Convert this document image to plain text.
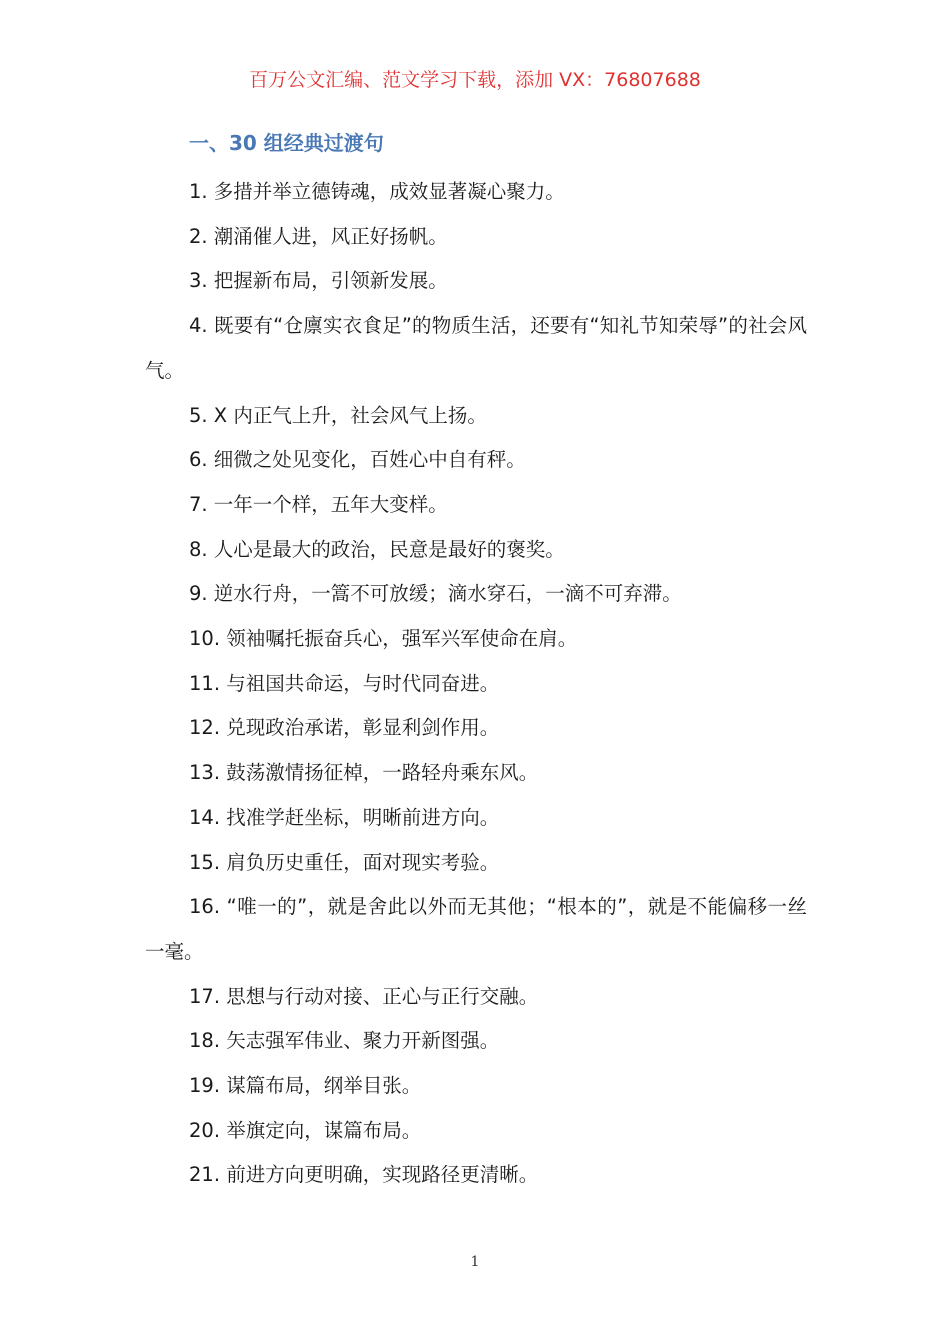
百万公文汇编、范文学习下载，添加 VX：76807688
一、30 组经典过渡句

1. 多措并举立德铸魂，成效显著凝心聚力。

2. 潮涌催人进，风正好扬帆。

3. 把握新布局，引领新发展。

4. 既要有“仓廪实衣食足”的物质生活，还要有“知礼节知荣辱”的社会风气。

5. X 内正气上升，社会风气上扬。

6. 细微之处见变化，百姓心中自有秤。

7. 一年一个样，五年大变样。

8. 人心是最大的政治，民意是最好的褒奖。

9. 逆水行舟，一篙不可放缓；滴水穿石，一滴不可弃滞。

10. 领袖嘱托振奋兵心，强军兴军使命在肩。

11. 与祖国共命运，与时代同奋进。

12. 兑现政治承诺，彰显利剑作用。

13. 鼓荡激情扬征棹，一路轻舟乘东风。

14. 找准学赶坐标，明晰前进方向。

15. 肩负历史重任，面对现实考验。

16. “唯一的”，就是舍此以外而无其他；“根本的”，就是不能偏移一丝一毫。

17. 思想与行动对接、正心与正行交融。

18. 矢志强军伟业、聚力开新图强。

19. 谋篇布局，纲举目张。

20. 举旗定向，谋篇布局。

21. 前进方向更明确，实现路径更清晰。

1
